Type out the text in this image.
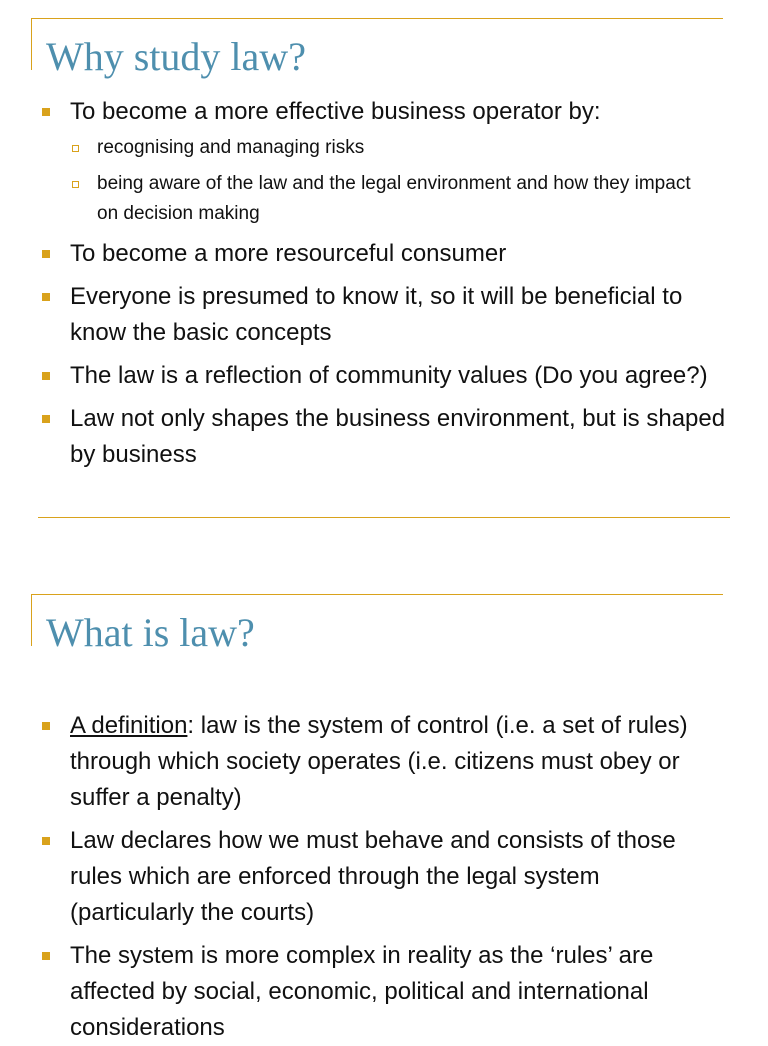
Why study law?
To become a more effective business operator by:
recognising and managing risks
being aware of the law and the legal environment and how they impact on decision making
To become a more resourceful consumer
Everyone is presumed to know it, so it will be beneficial to know the basic concepts
The law is a reflection of community values (Do you agree?)
Law not only shapes the business environment, but is shaped by business
What is law?
A definition: law is the system of control (i.e. a set of rules) through which society operates (i.e. citizens must obey or suffer a penalty)
Law declares how we must behave and consists of those rules which are enforced through the legal system (particularly the courts)
The system is more complex in reality as the ‘rules’ are affected by social, economic, political and international considerations
